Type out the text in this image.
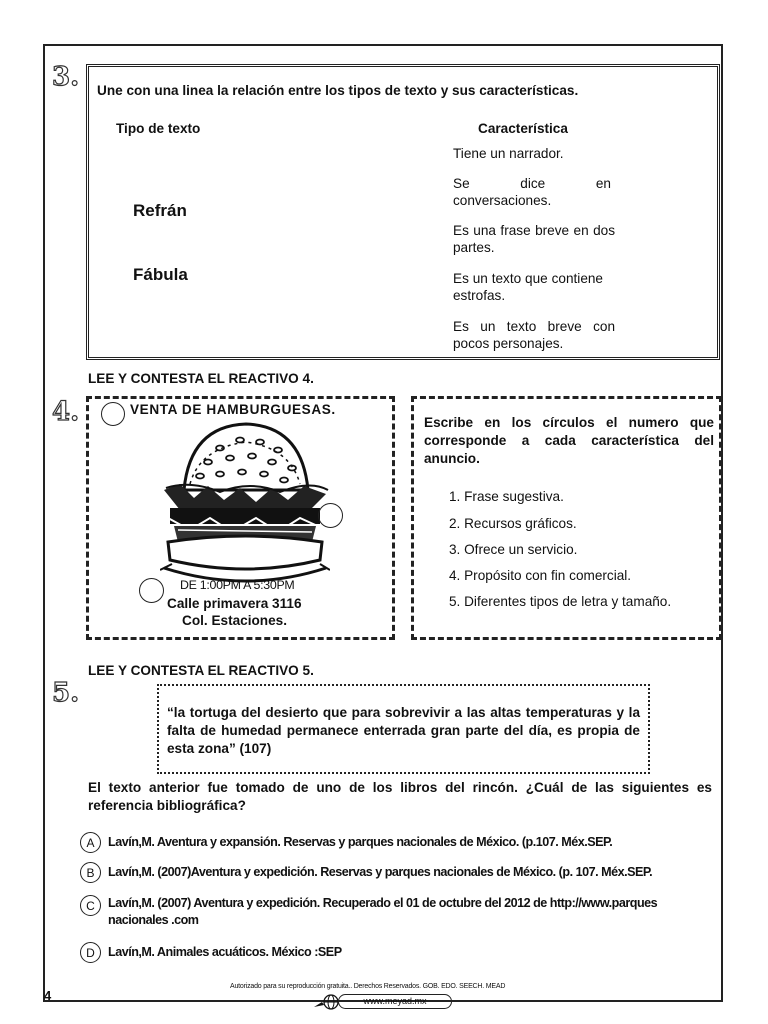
3. Une con una linea la relación entre los tipos de texto y sus características.
Tipo de texto	Característica
Refrán
Fábula
Tiene un narrador.
Se dice en conversaciones.
Es una frase breve en dos partes.
Es un texto que contiene estrofas.
Es un texto breve con pocos personajes.
LEE Y CONTESTA EL REACTIVO 4.
4.	VENTA DE HAMBURGUESAS.
DE 1:00PM A 5:30PM
Calle primavera 3116
Col. Estaciones.
Escribe en los círculos el numero que corresponde a cada característica del anuncio.
1. Frase sugestiva.
2. Recursos gráficos.
3. Ofrece un servicio.
4. Propósito con fin comercial.
5. Diferentes tipos de letra y tamaño.
LEE Y CONTESTA EL REACTIVO 5.
5.
“la tortuga del desierto que para sobrevivir a las altas temperaturas y la falta de humedad permanece enterrada gran parte del día, es propia de esta zona” (107)
El texto anterior fue tomado de uno de los libros del rincón. ¿Cuál de las siguientes es referencia bibliográfica?
A	Lavín,M. Aventura y expansión. Reservas y parques nacionales de México. (p.107. Méx.SEP.
B	Lavín,M. (2007)Aventura y expedición. Reservas y parques nacionales de México. (p. 107. Méx.SEP.
C	Lavín,M. (2007) Aventura y expedición. Recuperado el 01 de octubre del 2012 de http://www.parques nacionales .com
D	Lavín,M. Animales acuáticos. México :SEP
4
Autorizado para su reproducción gratuita.. Derechos Reservados. GOB. EDO. SEECH. MEAD
www.meyad.mx
